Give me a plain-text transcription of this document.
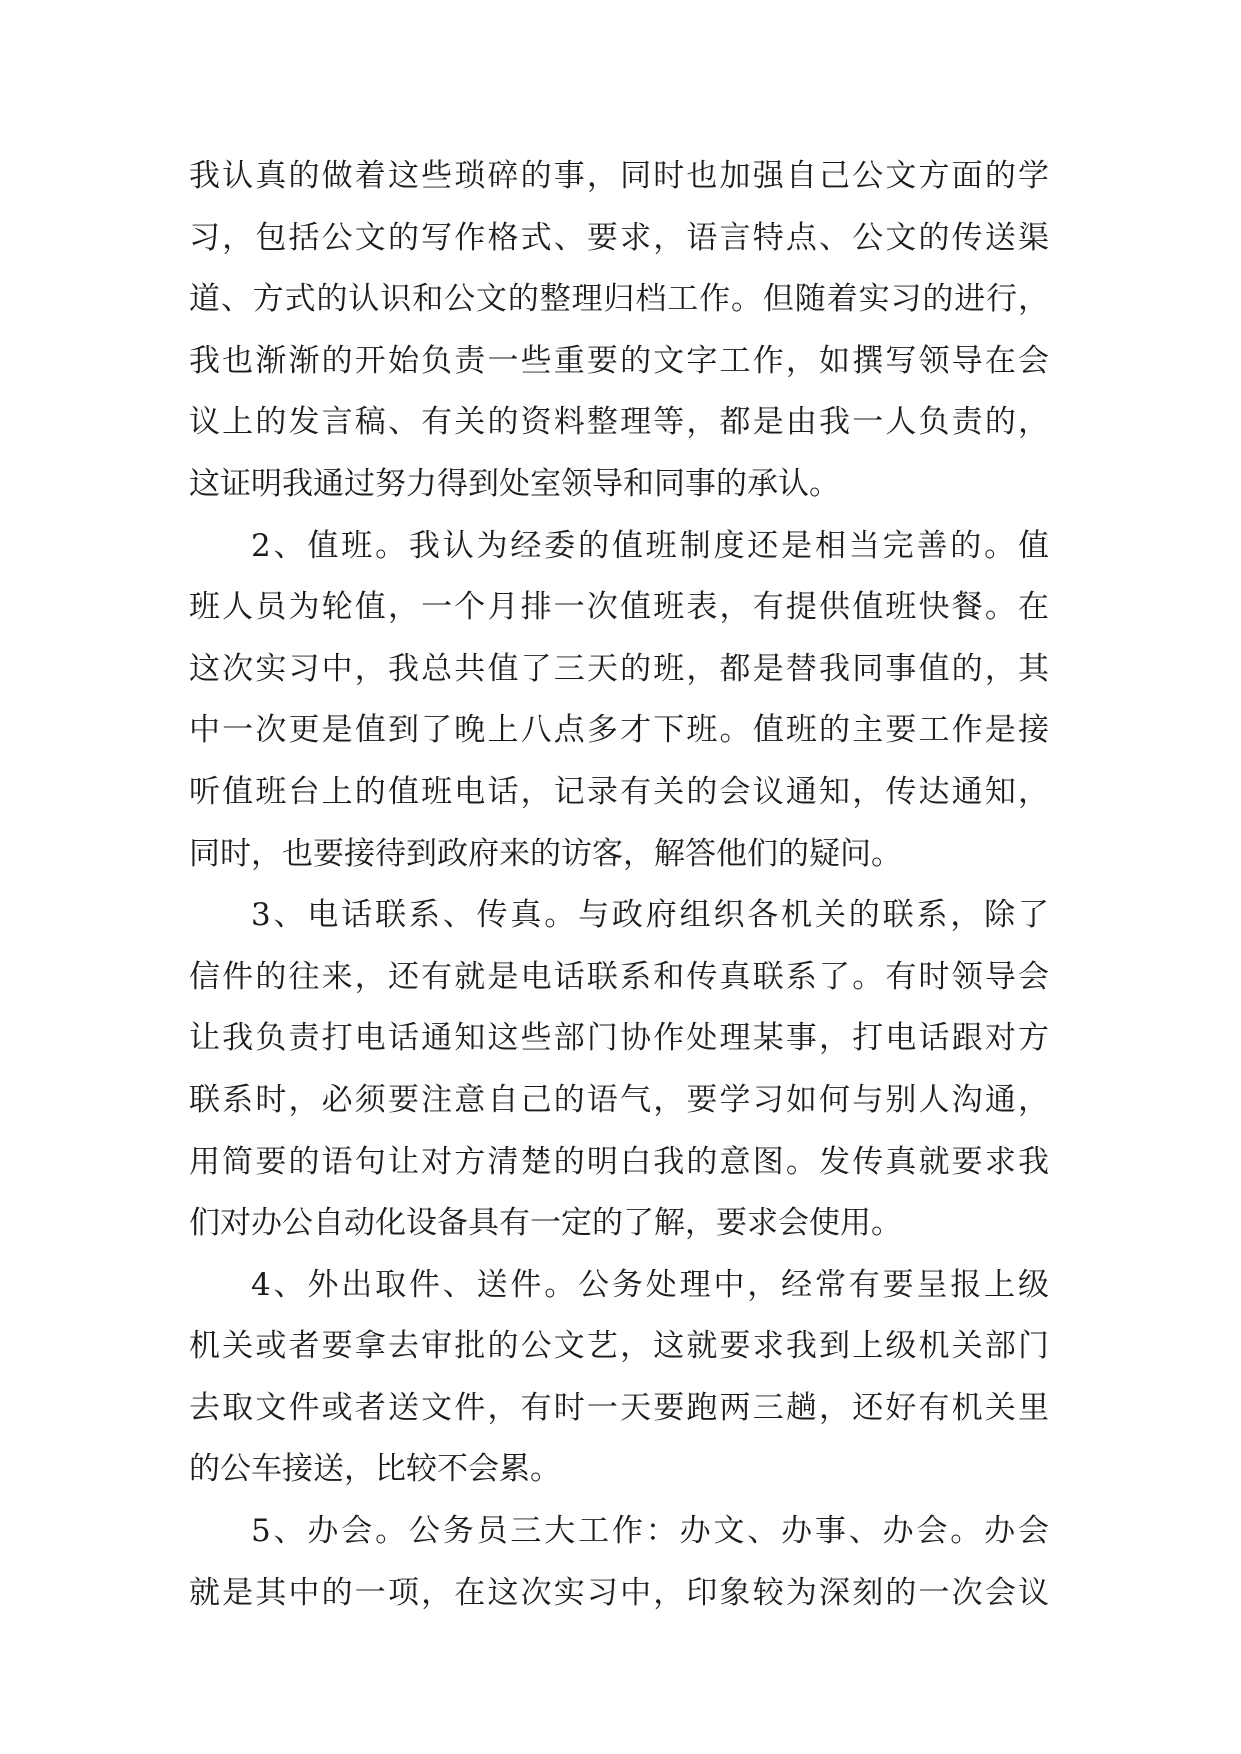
我认真的做着这些琐碎的事，同时也加强自己公文方面的学
习，包括公文的写作格式、要求，语言特点、公文的传送渠
道、方式的认识和公文的整理归档工作。但随着实习的进行，
我也渐渐的开始负责一些重要的文字工作，如撰写领导在会
议上的发言稿、有关的资料整理等，都是由我一人负责的，
这证明我通过努力得到处室领导和同事的承认。
2、值班。我认为经委的值班制度还是相当完善的。值
班人员为轮值，一个月排一次值班表，有提供值班快餐。在
这次实习中，我总共值了三天的班，都是替我同事值的，其
中一次更是值到了晚上八点多才下班。值班的主要工作是接
听值班台上的值班电话，记录有关的会议通知，传达通知，
同时，也要接待到政府来的访客，解答他们的疑问。
3、电话联系、传真。与政府组织各机关的联系，除了
信件的往来，还有就是电话联系和传真联系了。有时领导会
让我负责打电话通知这些部门协作处理某事，打电话跟对方
联系时，必须要注意自己的语气，要学习如何与别人沟通，
用简要的语句让对方清楚的明白我的意图。发传真就要求我
们对办公自动化设备具有一定的了解，要求会使用。
4、外出取件、送件。公务处理中，经常有要呈报上级
机关或者要拿去审批的公文艺，这就要求我到上级机关部门
去取文件或者送文件，有时一天要跑两三趟，还好有机关里
的公车接送，比较不会累。
5、办会。公务员三大工作：办文、办事、办会。办会
就是其中的一项，在这次实习中，印象较为深刻的一次会议
